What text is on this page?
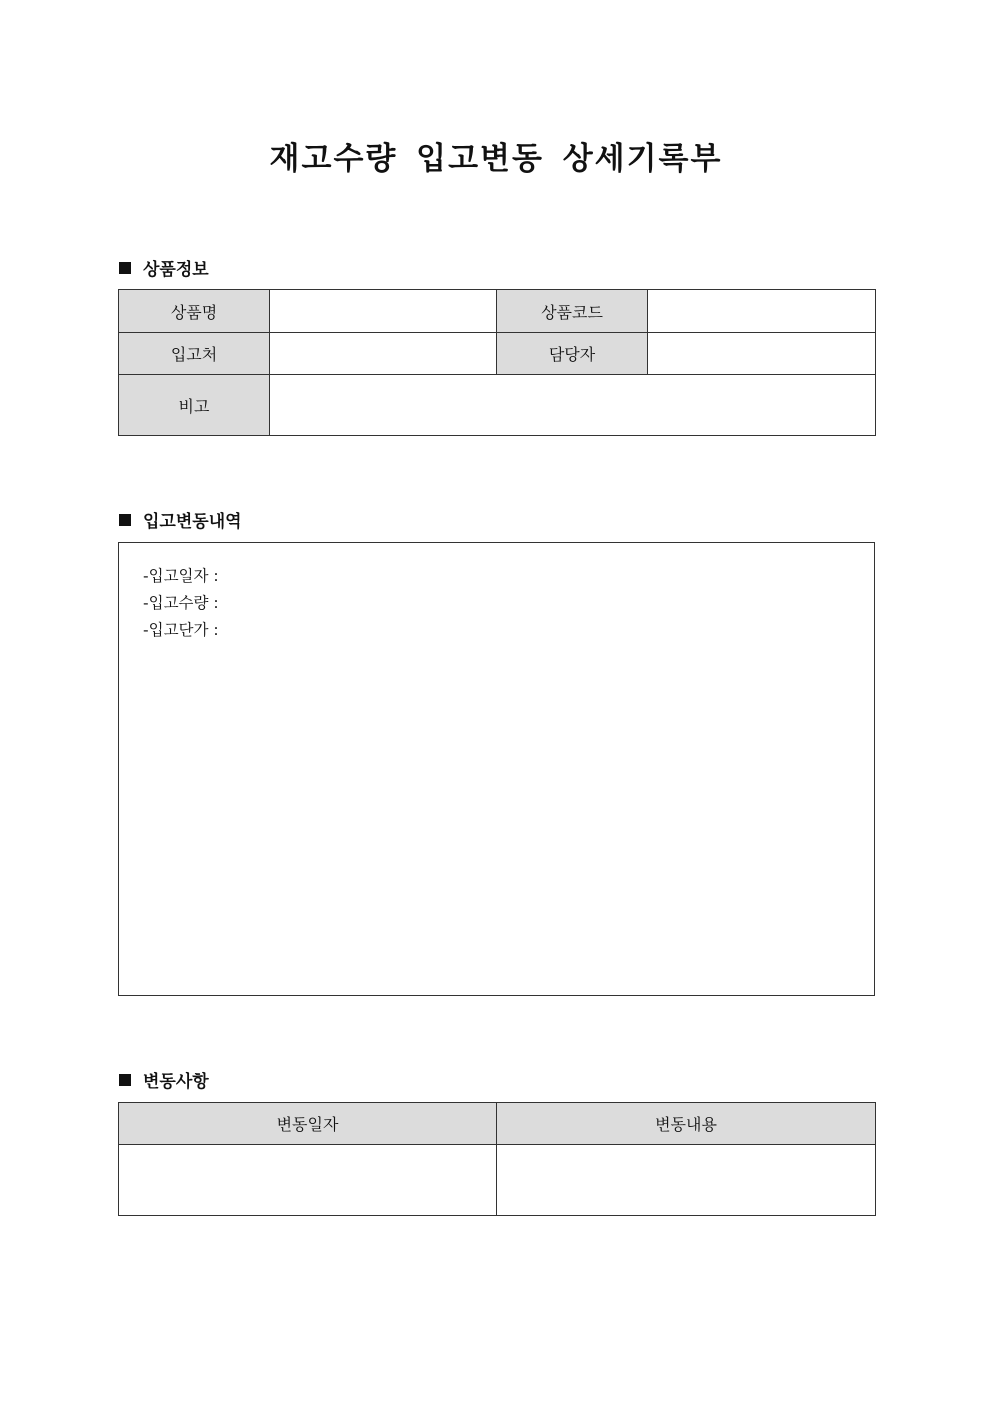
재고수량 입고변동 상세기록부
상품정보
상품명		상품코드	
입고처		담당자	
비고			
입고변동내역
-입고일자 :
-입고수량 :
-입고단가 :
변동사항
변동일자	변동내용
